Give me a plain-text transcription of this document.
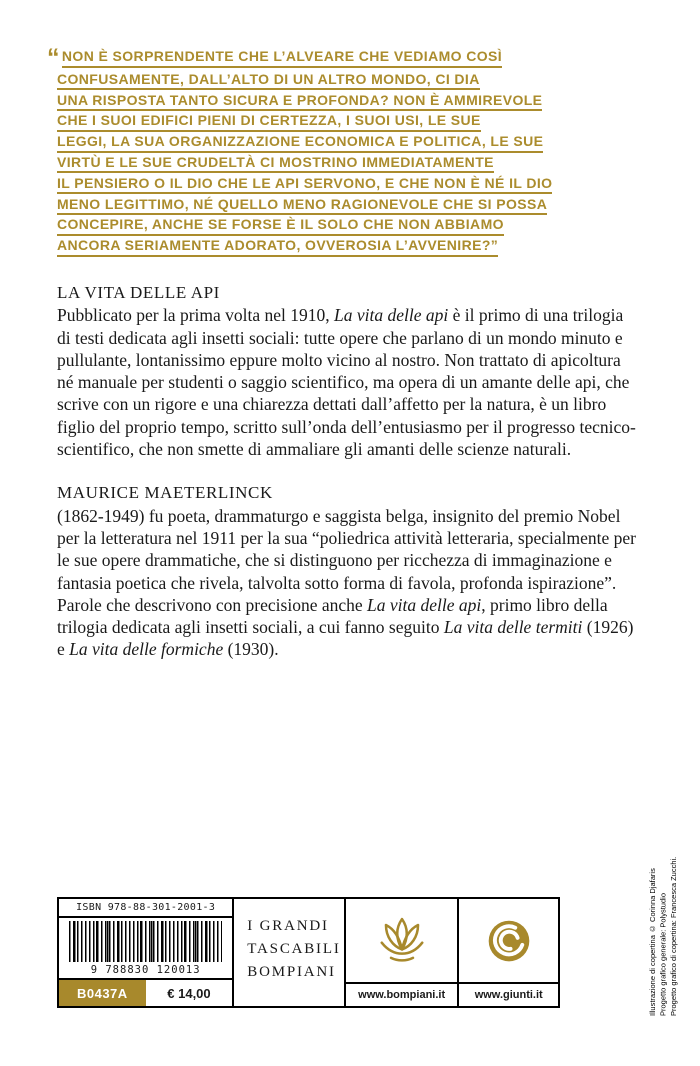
“ NON È SORPRENDENTE CHE L’ALVEARE CHE VEDIAMO COSÌ
CONFUSAMENTE, DALL’ALTO DI UN ALTRO MONDO, CI DIA
UNA RISPOSTA TANTO SICURA E PROFONDA? NON È AMMIREVOLE
CHE I SUOI EDIFICI PIENI DI CERTEZZA, I SUOI USI, LE SUE
LEGGI, LA SUA ORGANIZZAZIONE ECONOMICA E POLITICA, LE SUE
VIRTÙ E LE SUE CRUDELTÀ CI MOSTRINO IMMEDIATAMENTE
IL PENSIERO O IL DIO CHE LE API SERVONO, E CHE NON È NÉ IL DIO
MENO LEGITTIMO, NÉ QUELLO MENO RAGIONEVOLE CHE SI POSSA
CONCEPIRE, ANCHE SE FORSE È IL SOLO CHE NON ABBIAMO
ANCORA SERIAMENTE ADORATO, OVVEROSIA L’AVVENIRE?”
LA VITA DELLE API

Pubblicato per la prima volta nel 1910, La vita delle api è il primo di una trilogia di testi dedicata agli insetti sociali: tutte opere che parlano di un mondo minuto e pullulante, lontanissimo eppure molto vicino al nostro. Non trattato di apicoltura né manuale per studenti o saggio scientifico, ma opera di un amante delle api, che scrive con un rigore e una chiarezza dettati dall’affetto per la natura, è un libro figlio del proprio tempo, scritto sull’onda dell’entusiasmo per il progresso tecnico-scientifico, che non smette di ammaliare gli amanti delle scienze naturali.

MAURICE MAETERLINCK

(1862-1949) fu poeta, drammaturgo e saggista belga, insignito del premio Nobel per la letteratura nel 1911 per la sua “poliedrica attività letteraria, specialmente per le sue opere drammatiche, che si distinguono per ricchezza di immaginazione e fantasia poetica che rivela, talvolta sotto forma di favola, profonda ispirazione”. Parole che descrivono con precisione anche La vita delle api, primo libro della trilogia dedicata agli insetti sociali, a cui fanno seguito La vita delle termiti (1926) e La vita delle formiche (1930).

ISBN 978-88-301-2001-3
9 788830 120013
B0437A	€ 14,00
I GRANDI
TASCABILI
BOMPIANI
www.bompiani.it	www.giunti.it	Illustrazione di copertina © Corinna Djafaris Progetto grafico generale: Polystudio Progetto grafico di copertina: Francesca Zucchi.
